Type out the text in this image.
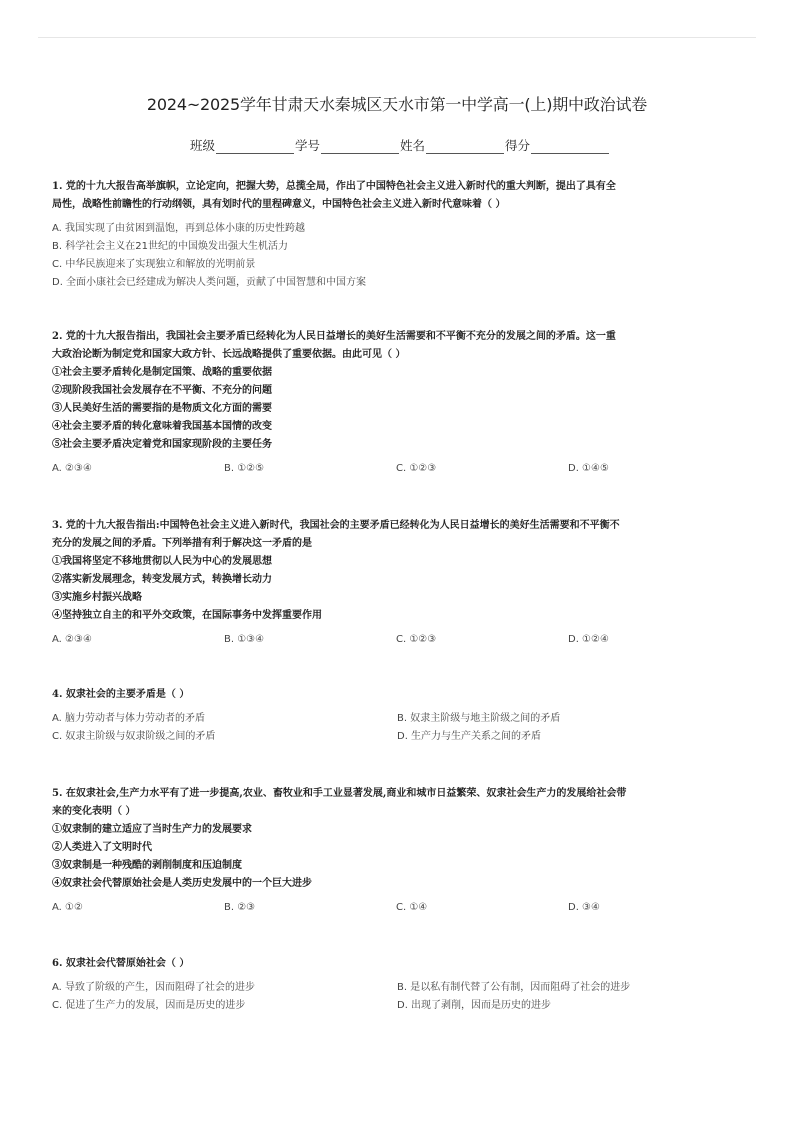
2024~2025学年甘肃天水秦城区天水市第一中学高一(上)期中政治试卷
班级	学号	姓名	得分
1. 党的十九大报告高举旗帜，立论定向，把握大势，总揽全局，作出了中国特色社会主义进入新时代的重大判断，提出了具有全
局性，战略性前瞻性的行动纲领，具有划时代的里程碑意义，中国特色社会主义进入新时代意味着（ ）
A. 我国实现了由贫困到温饱，再到总体小康的历史性跨越
B. 科学社会主义在21世纪的中国焕发出强大生机活力
C. 中华民族迎来了实现独立和解放的光明前景
D. 全面小康社会已经建成为解决人类问题，贡献了中国智慧和中国方案
2. 党的十九大报告指出，我国社会主要矛盾已经转化为人民日益增长的美好生活需要和不平衡不充分的发展之间的矛盾。这一重
大政治论断为制定党和国家大政方针、长远战略提供了重要依据。由此可见（ ）
①社会主要矛盾转化是制定国策、战略的重要依据
②现阶段我国社会发展存在不平衡、不充分的问题
③人民美好生活的需要指的是物质文化方面的需要
④社会主要矛盾的转化意味着我国基本国情的改变
⑤社会主要矛盾决定着党和国家现阶段的主要任务
A. ②③④	B. ①②⑤	C. ①②③	D. ①④⑤
3. 党的十九大报告指出:中国特色社会主义进入新时代，我国社会的主要矛盾已经转化为人民日益增长的美好生活需要和不平衡不
充分的发展之间的矛盾。下列举措有利于解决这一矛盾的是
①我国将坚定不移地贯彻以人民为中心的发展思想
②落实新发展理念，转变发展方式，转换增长动力
③实施乡村振兴战略
④坚持独立自主的和平外交政策，在国际事务中发挥重要作用
A. ②③④	B. ①③④	C. ①②③	D. ①②④
4. 奴隶社会的主要矛盾是（ ）
A. 脑力劳动者与体力劳动者的矛盾	B. 奴隶主阶级与地主阶级之间的矛盾
C. 奴隶主阶级与奴隶阶级之间的矛盾	D. 生产力与生产关系之间的矛盾
5. 在奴隶社会,生产力水平有了进一步提高,农业、畜牧业和手工业显著发展,商业和城市日益繁荣、奴隶社会生产力的发展给社会带
来的变化表明（ ）
①奴隶制的建立适应了当时生产力的发展要求
②人类进入了文明时代
③奴隶制是一种残酷的剥削制度和压迫制度
④奴隶社会代替原始社会是人类历史发展中的一个巨大进步
A. ①②	B. ②③	C. ①④	D. ③④
6. 奴隶社会代替原始社会（ ）
A. 导致了阶级的产生，因而阻碍了社会的进步	B. 是以私有制代替了公有制，因而阻碍了社会的进步
C. 促进了生产力的发展，因而是历史的进步	D. 出现了剥削，因而是历史的进步
